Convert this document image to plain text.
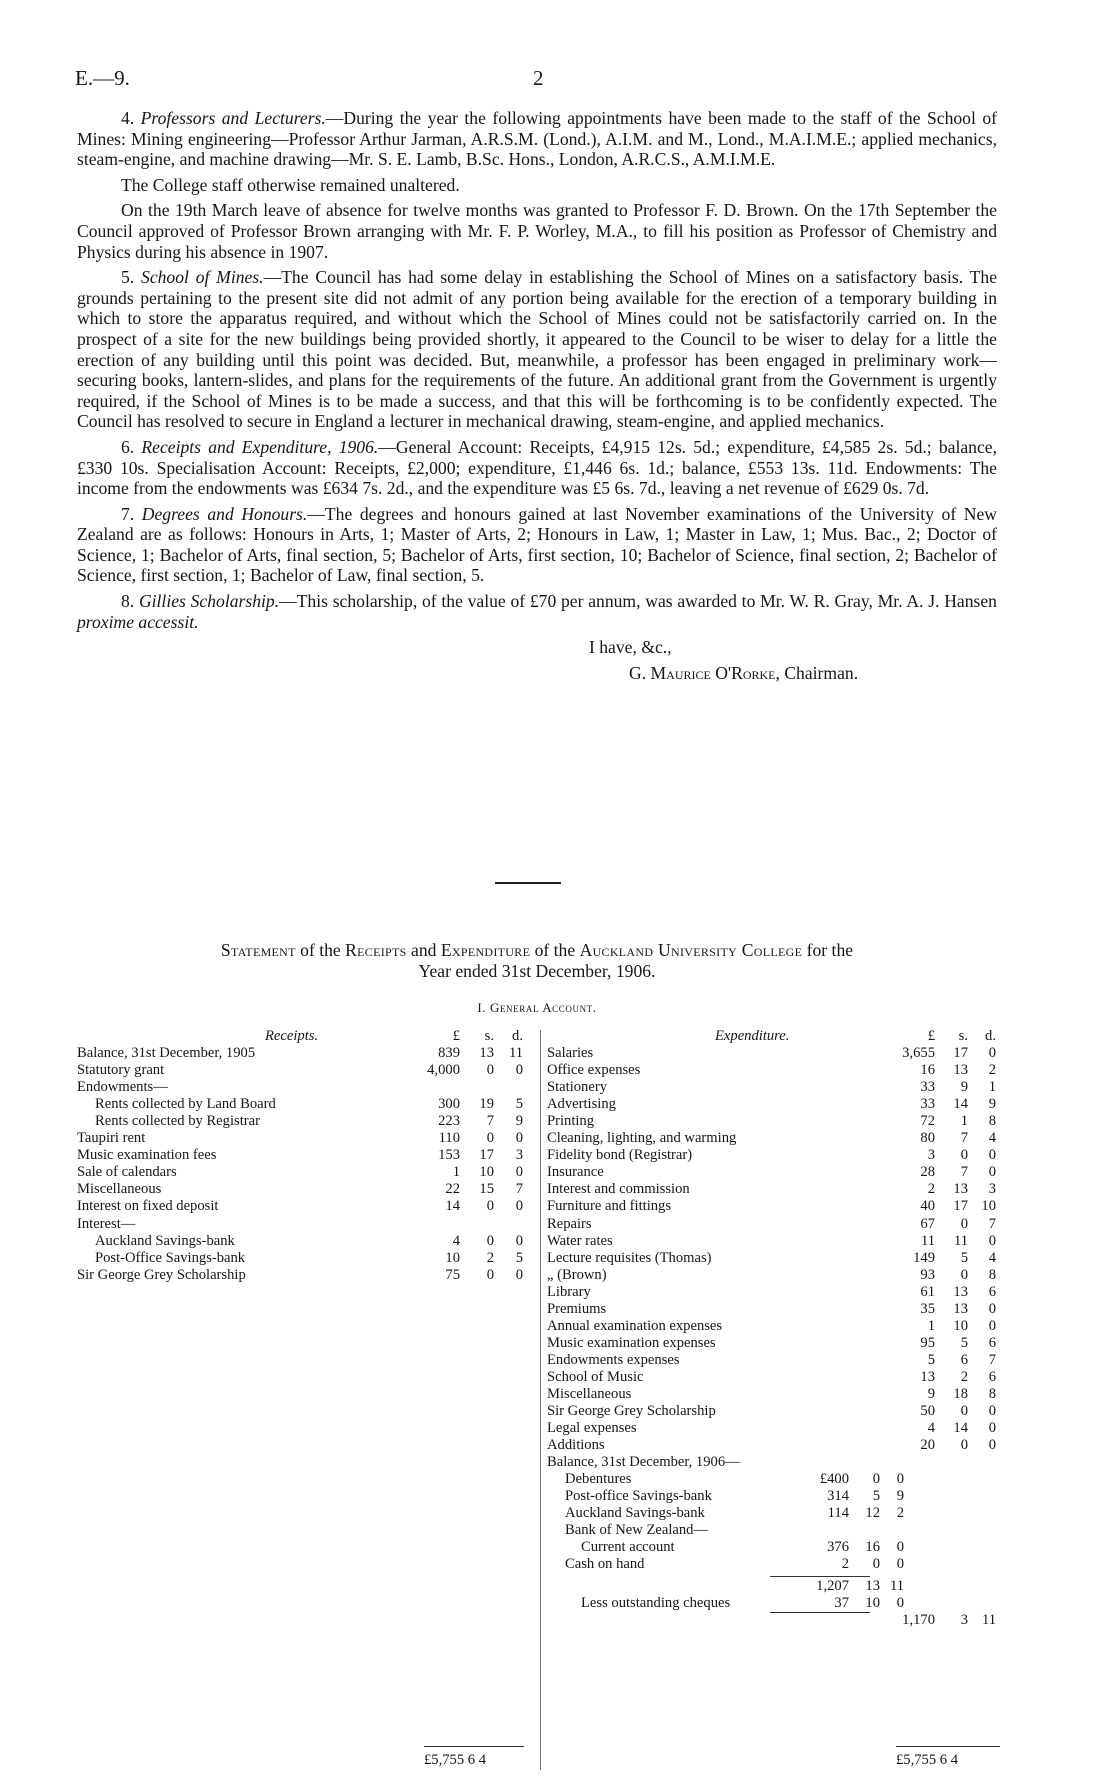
E.—9.	2

4. Professors and Lecturers.—During the year the following appointments have been made to the staff of the School of Mines: Mining engineering—Professor Arthur Jarman, A.R.S.M. (Lond.), A.I.M. and M., Lond., M.A.I.M.E.; applied mechanics, steam-engine, and machine drawing—Mr. S. E. Lamb, B.Sc. Hons., London, A.R.C.S., A.M.I.M.E.

The College staff otherwise remained unaltered.

On the 19th March leave of absence for twelve months was granted to Professor F. D. Brown. On the 17th September the Council approved of Professor Brown arranging with Mr. F. P. Worley, M.A., to fill his position as Professor of Chemistry and Physics during his absence in 1907.

5. School of Mines.—The Council has had some delay in establishing the School of Mines on a satisfactory basis. The grounds pertaining to the present site did not admit of any portion being available for the erection of a temporary building in which to store the apparatus required, and without which the School of Mines could not be satisfactorily carried on. In the prospect of a site for the new buildings being provided shortly, it appeared to the Council to be wiser to delay for a little the erection of any building until this point was decided. But, meanwhile, a professor has been engaged in preliminary work—securing books, lantern-slides, and plans for the requirements of the future. An additional grant from the Government is urgently required, if the School of Mines is to be made a success, and that this will be forthcoming is to be confidently expected. The Council has resolved to secure in England a lecturer in mechanical drawing, steam-engine, and applied mechanics.

6. Receipts and Expenditure, 1906.—General Account: Receipts, £4,915 12s. 5d.; expenditure, £4,585 2s. 5d.; balance, £330 10s. Specialisation Account: Receipts, £2,000; expenditure, £1,446 6s. 1d.; balance, £553 13s. 11d. Endowments: The income from the endowments was £634 7s. 2d., and the expenditure was £5 6s. 7d., leaving a net revenue of £629 0s. 7d.

7. Degrees and Honours.—The degrees and honours gained at last November examinations of the University of New Zealand are as follows: Honours in Arts, 1; Master of Arts, 2; Honours in Law, 1; Master in Law, 1; Mus. Bac., 2; Doctor of Science, 1; Bachelor of Arts, final section, 5; Bachelor of Arts, first section, 10; Bachelor of Science, final section, 2; Bachelor of Science, first section, 1; Bachelor of Law, final section, 5.

8. Gillies Scholarship.—This scholarship, of the value of £70 per annum, was awarded to Mr. W. R. Gray, Mr. A. J. Hansen proxime accessit.

I have, &c.,

G. Maurice O'Rorke, Chairman.

Statement of the Receipts and Expenditure of the Auckland University College for the
Year ended 31st December, 1906.
I. General Account.
Receipts.	£	s.	d.
Balance, 31st December, 1905	839	13	11
Statutory grant	4,000	0	0
Endowments—
Rents collected by Land Board	300	19	5
Rents collected by Registrar	223	7	9
Taupiri rent	110	0	0
Music examination fees	153	17	3
Sale of calendars	1	10	0
Miscellaneous	22	15	7
Interest on fixed deposit	14	0	0
Interest—
Auckland Savings-bank	4	0	0
Post-Office Savings-bank	10	2	5
Sir George Grey Scholarship	75	0	0
Expenditure.	£	s.	d.
Salaries	3,655	17	0
Office expenses	16	13	2
Stationery	33	9	1
Advertising	33	14	9
Printing	72	1	8
Cleaning, lighting, and warming	80	7	4
Fidelity bond (Registrar)	3	0	0
Insurance	28	7	0
Interest and commission	2	13	3
Furniture and fittings	40	17 10
Repairs	67	0	7
Water rates	11	11	0
Lecture requisites (Thomas)	149	5	4
„ (Brown)	93	0	8
Library	61	13	6
Premiums	35	13	0
Annual examination expenses	1	10	0
Music examination expenses	95	5	6
Endowments expenses	5	6	7
School of Music	13	2	6
Miscellaneous	9	18	8
Sir George Grey Scholarship	50	0	0
Legal expenses	4	14	0
Additions	20	0	0
Balance, 31st December, 1906—
Debentures	£400	0	0
Post-office Savings-bank	314	5	9
Auckland Savings-bank	114	12	2
Bank of New Zealand—
Current account	376	16	0
Cash on hand	2	0	0
1,207	13 11
Less outstanding cheques	37	10	0
1,170	3 11
£5,755 6 4	£5,755 6 4
